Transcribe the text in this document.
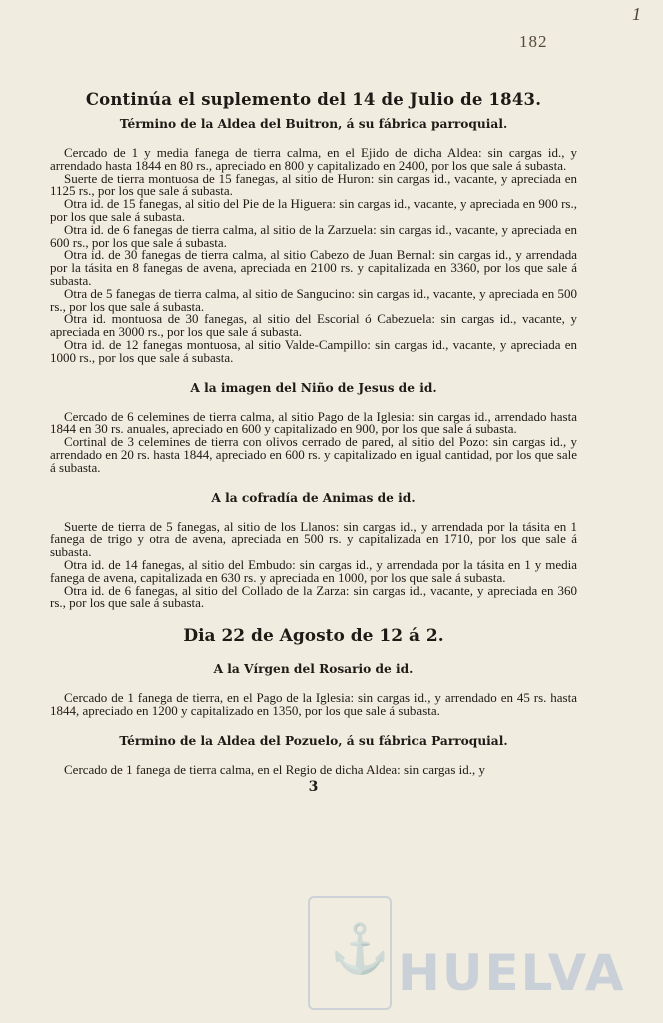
1
182
⚓ HUELVA
Continúa el suplemento del 14 de Julio de 1843.
Término de la Aldea del Buitron, á su fábrica parroquial.
Cercado de 1 y media fanega de tierra calma, en el Ejido de dicha Aldea: sin cargas id., y arrendado hasta 1844 en 80 rs., apreciado en 800 y capitalizado en 2400, por los que sale á subasta.
Suerte de tierra montuosa de 15 fanegas, al sitio de Huron: sin cargas id., vacante, y apreciada en 1125 rs., por los que sale á subasta.
Otra id. de 15 fanegas, al sitio del Pie de la Higuera: sin cargas id., vacante, y apreciada en 900 rs., por los que sale á subasta.
Otra id. de 6 fanegas de tierra calma, al sitio de la Zarzuela: sin cargas id., vacante, y apreciada en 600 rs., por los que sale á subasta.
Otra id. de 30 fanegas de tierra calma, al sitio Cabezo de Juan Bernal: sin cargas id., y arrendada por la tásita en 8 fanegas de avena, apreciada en 2100 rs. y capitalizada en 3360, por los que sale á subasta.
Otra de 5 fanegas de tierra calma, al sitio de Sangucino: sin cargas id., vacante, y apreciada en 500 rs., por los que sale á subasta.
Otra id. montuosa de 30 fanegas, al sitio del Escorial ó Cabezuela: sin cargas id., vacante, y apreciada en 3000 rs., por los que sale á subasta.
Otra id. de 12 fanegas montuosa, al sitio Valde-Campillo: sin cargas id., vacante, y apreciada en 1000 rs., por los que sale á subasta.
A la imagen del Niño de Jesus de id.
Cercado de 6 celemines de tierra calma, al sitio Pago de la Iglesia: sin cargas id., arrendado hasta 1844 en 30 rs. anuales, apreciado en 600 y capitalizado en 900, por los que sale á subasta.
Cortinal de 3 celemines de tierra con olivos cerrado de pared, al sitio del Pozo: sin cargas id., y arrendado en 20 rs. hasta 1844, apreciado en 600 rs. y capitalizado en igual cantidad, por los que sale á subasta.
A la cofradía de Animas de id.
Suerte de tierra de 5 fanegas, al sitio de los Llanos: sin cargas id., y arrendada por la tásita en 1 fanega de trigo y otra de avena, apreciada en 500 rs. y capitalizada en 1710, por los que sale á subasta.
Otra id. de 14 fanegas, al sitio del Embudo: sin cargas id., y arrendada por la tásita en 1 y media fanega de avena, capitalizada en 630 rs. y apreciada en 1000, por los que sale á subasta.
Otra id. de 6 fanegas, al sitio del Collado de la Zarza: sin cargas id., vacante, y apreciada en 360 rs., por los que sale á subasta.
Dia 22 de Agosto de 12 á 2.
A la Vírgen del Rosario de id.
Cercado de 1 fanega de tierra, en el Pago de la Iglesia: sin cargas id., y arrendado en 45 rs. hasta 1844, apreciado en 1200 y capitalizado en 1350, por los que sale á subasta.
Término de la Aldea del Pozuelo, á su fábrica Parroquial.
Cercado de 1 fanega de tierra calma, en el Regio de dicha Aldea: sin cargas id., y
3
